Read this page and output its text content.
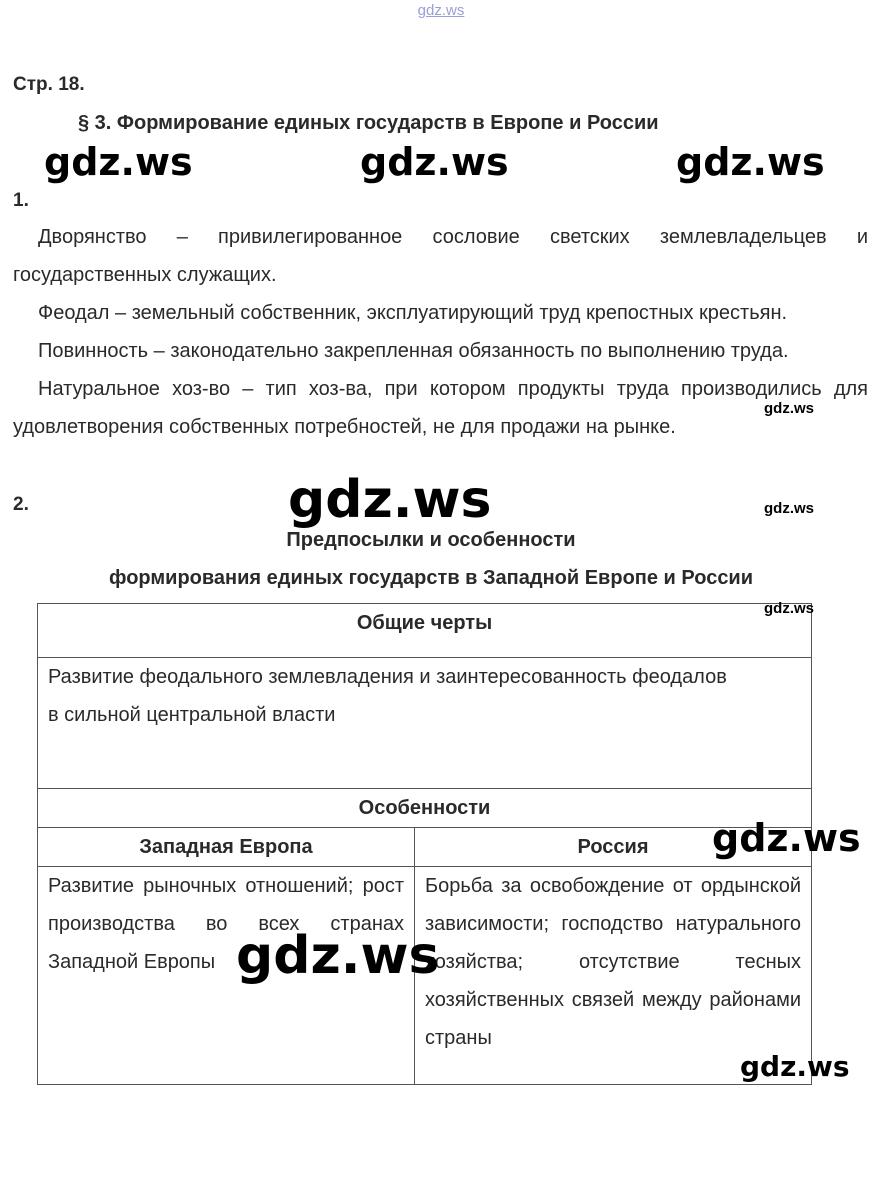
gdz.ws
Стр. 18.
§ 3. Формирование единых государств в Европе и России
gdz.ws	gdz.ws	gdz.ws
1.
Дворянство – привилегированное сословие светских землевладельцев и
государственных служащих.
Феодал – земельный собственник, эксплуатирующий труд крепостных крестьян.
Повинность – законодательно закрепленная обязанность по выполнению труда.
Натуральное хоз-во – тип хоз-ва, при котором продукты труда производились для
удовлетворения собственных потребностей, не для продажи на рынке.
gdz.ws
2.	gdz.ws	gdz.ws
Предпосылки и особенности
формирования единых государств в Западной Европе и России
Общие черты	

Развитие феодального землевладения и заинтересованность феодалов
в сильной центральной власти	

Особенности	
Западная Европа	Россия
Развитие рыночных отношений; рост производства во всех странах Западной Европы	Борьба за освобождение от ордынской зависимости; господство натурального хозяйства; отсутствие тесных хозяйственных связей между районами страны
gdz.ws
gdz.ws
gdz.ws
gdz.ws
